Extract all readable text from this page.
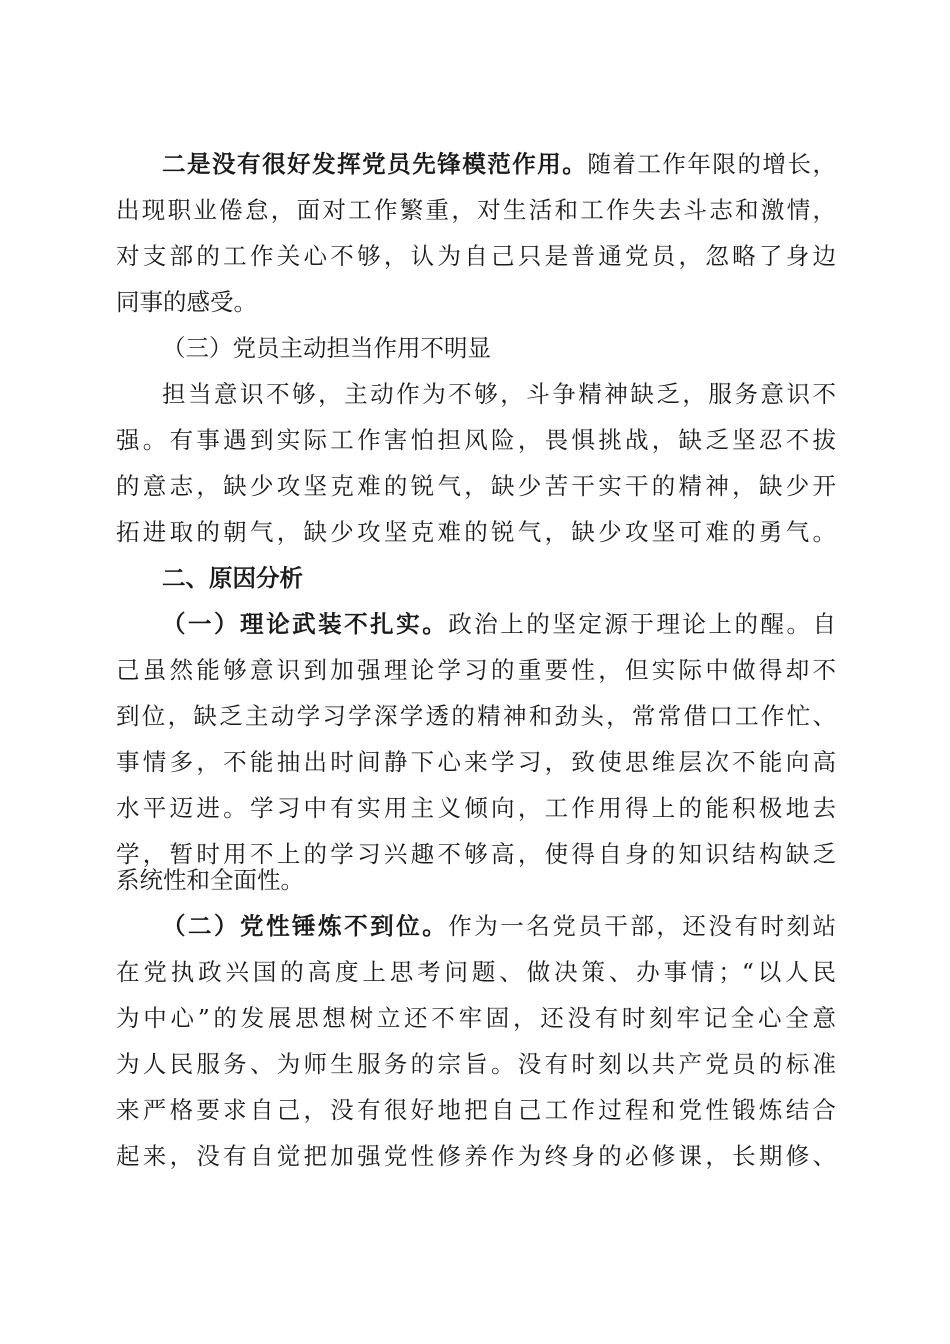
二是没有很好发挥党员先锋模范作用。随着工作年限的增长，
出现职业倦怠，面对工作繁重，对生活和工作失去斗志和激情，
对支部的工作关心不够，认为自己只是普通党员，忽略了身边
同事的感受。
（三）党员主动担当作用不明显
担当意识不够，主动作为不够，斗争精神缺乏，服务意识不
强。有事遇到实际工作害怕担风险，畏惧挑战，缺乏坚忍不拔
的意志，缺少攻坚克难的锐气，缺少苦干实干的精神，缺少开
拓进取的朝气，缺少攻坚克难的锐气，缺少攻坚可难的勇气。
二、原因分析
（一）理论武装不扎实。政治上的坚定源于理论上的醒。自
己虽然能够意识到加强理论学习的重要性，但实际中做得却不
到位，缺乏主动学习学深学透的精神和劲头，常常借口工作忙、
事情多，不能抽出时间静下心来学习，致使思维层次不能向高
水平迈进。学习中有实用主义倾向，工作用得上的能积极地去
学，暂时用不上的学习兴趣不够高，使得自身的知识结构缺乏
系统性和全面性。
（二）党性锤炼不到位。作为一名党员干部，还没有时刻站
在党执政兴国的高度上思考问题、做决策、办事情；“以人民
为中心”的发展思想树立还不牢固，还没有时刻牢记全心全意
为人民服务、为师生服务的宗旨。没有时刻以共产党员的标准
来严格要求自己，没有很好地把自己工作过程和党性锻炼结合
起来，没有自觉把加强党性修养作为终身的必修课，长期修、
